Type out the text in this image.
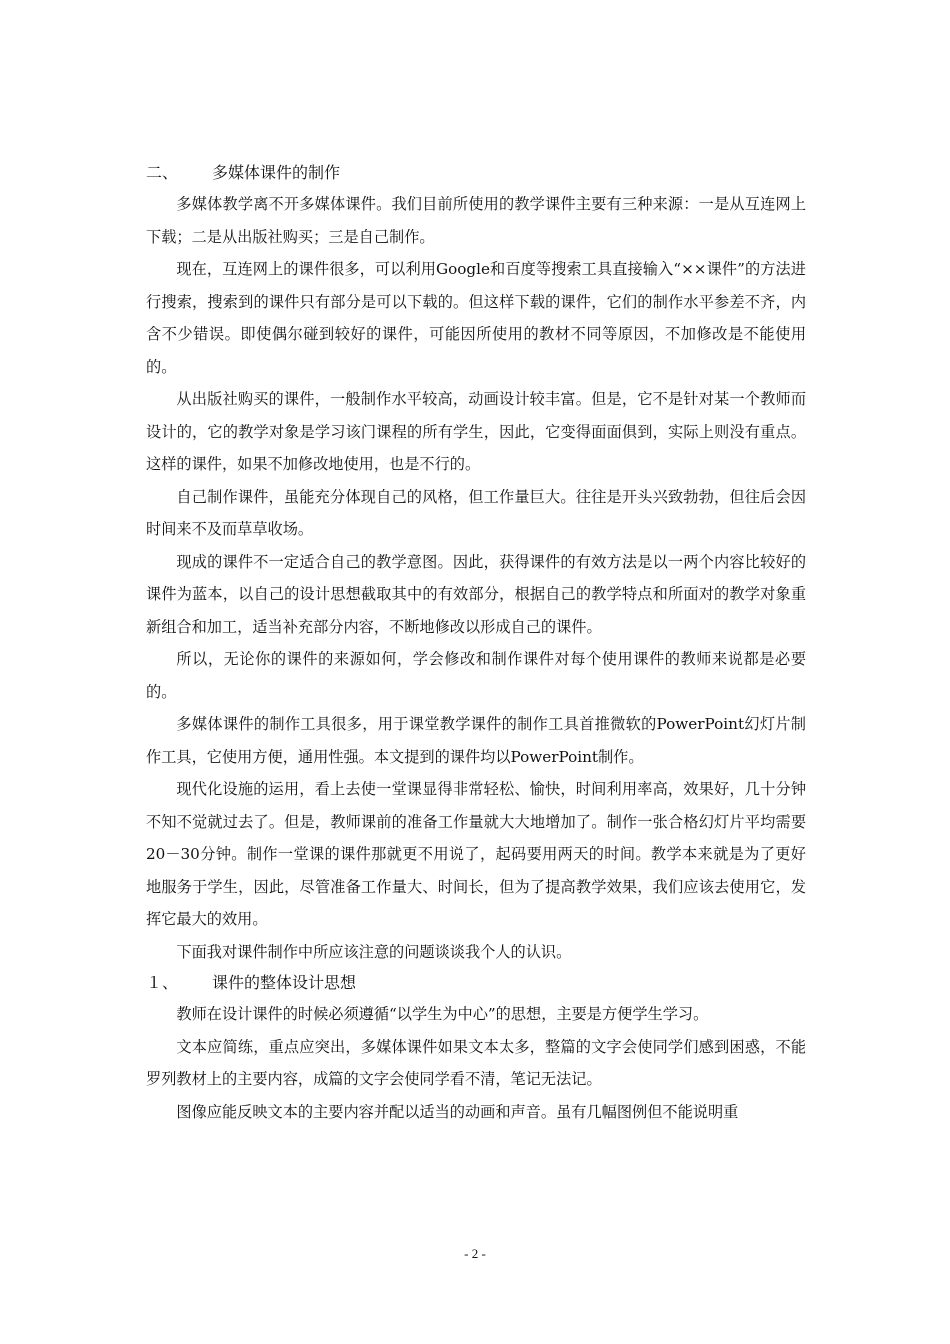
二、	多媒体课件的制作

多媒体教学离不开多媒体课件。我们目前所使用的教学课件主要有三种来源：一是从互连网上下载；二是从出版社购买；三是自己制作。

现在，互连网上的课件很多，可以利用Google和百度等搜索工具直接输入“××课件”的方法进行搜索，搜索到的课件只有部分是可以下载的。但这样下载的课件，它们的制作水平参差不齐，内含不少错误。即使偶尔碰到较好的课件，可能因所使用的教材不同等原因，不加修改是不能使用的。

从出版社购买的课件，一般制作水平较高，动画设计较丰富。但是，它不是针对某一个教师而设计的，它的教学对象是学习该门课程的所有学生，因此，它变得面面俱到，实际上则没有重点。这样的课件，如果不加修改地使用，也是不行的。

自己制作课件，虽能充分体现自己的风格，但工作量巨大。往往是开头兴致勃勃，但往后会因时间来不及而草草收场。

现成的课件不一定适合自己的教学意图。因此，获得课件的有效方法是以一两个内容比较好的课件为蓝本，以自己的设计思想截取其中的有效部分，根据自己的教学特点和所面对的教学对象重新组合和加工，适当补充部分内容，不断地修改以形成自己的课件。

所以，无论你的课件的来源如何，学会修改和制作课件对每个使用课件的教师来说都是必要的。

多媒体课件的制作工具很多，用于课堂教学课件的制作工具首推微软的PowerPoint幻灯片制作工具，它使用方便，通用性强。本文提到的课件均以PowerPoint制作。

现代化设施的运用，看上去使一堂课显得非常轻松、愉快，时间利用率高，效果好，几十分钟不知不觉就过去了。但是，教师课前的准备工作量就大大地增加了。制作一张合格幻灯片平均需要20－30分钟。制作一堂课的课件那就更不用说了，起码要用两天的时间。教学本来就是为了更好地服务于学生，因此，尽管准备工作量大、时间长，但为了提高教学效果，我们应该去使用它，发挥它最大的效用。

下面我对课件制作中所应该注意的问题谈谈我个人的认识。

１、	课件的整体设计思想

教师在设计课件的时候必须遵循“以学生为中心”的思想，主要是方便学生学习。

文本应简练，重点应突出，多媒体课件如果文本太多，整篇的文字会使同学们感到困惑，不能罗列教材上的主要内容，成篇的文字会使同学看不清，笔记无法记。

图像应能反映文本的主要内容并配以适当的动画和声音。虽有几幅图例但不能说明重

- 2 -
